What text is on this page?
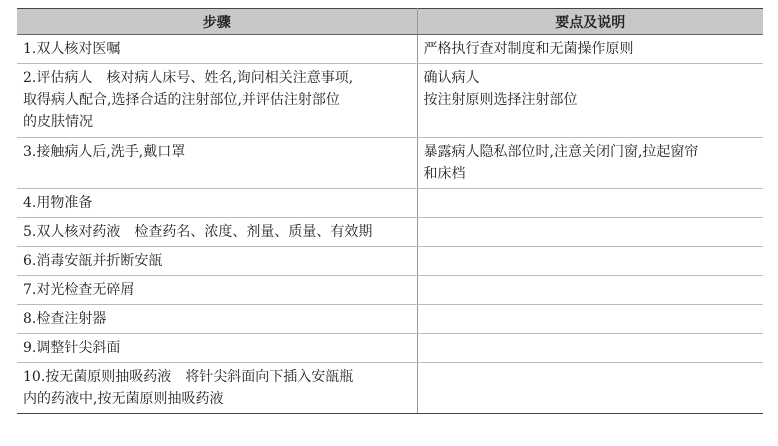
步骤	要点及说明

1.双人核对医嘱	严格执行查对制度和无菌操作原则

2.评估病人　核对病人床号、姓名,询问相关注意事项,
取得病人配合,选择合适的注射部位,并评估注射部位
的皮肤情况	确认病人
按注射原则选择注射部位

3.接触病人后,洗手,戴口罩	暴露病人隐私部位时,注意关闭门窗,拉起窗帘
和床档

4.用物准备	

5.双人核对药液　检查药名、浓度、剂量、质量、有效期	

6.消毒安瓿并折断安瓿	

7.对光检查无碎屑	

8.检查注射器	

9.调整针尖斜面	

10.按无菌原则抽吸药液　将针尖斜面向下插入安瓿瓶
内的药液中,按无菌原则抽吸药液	
